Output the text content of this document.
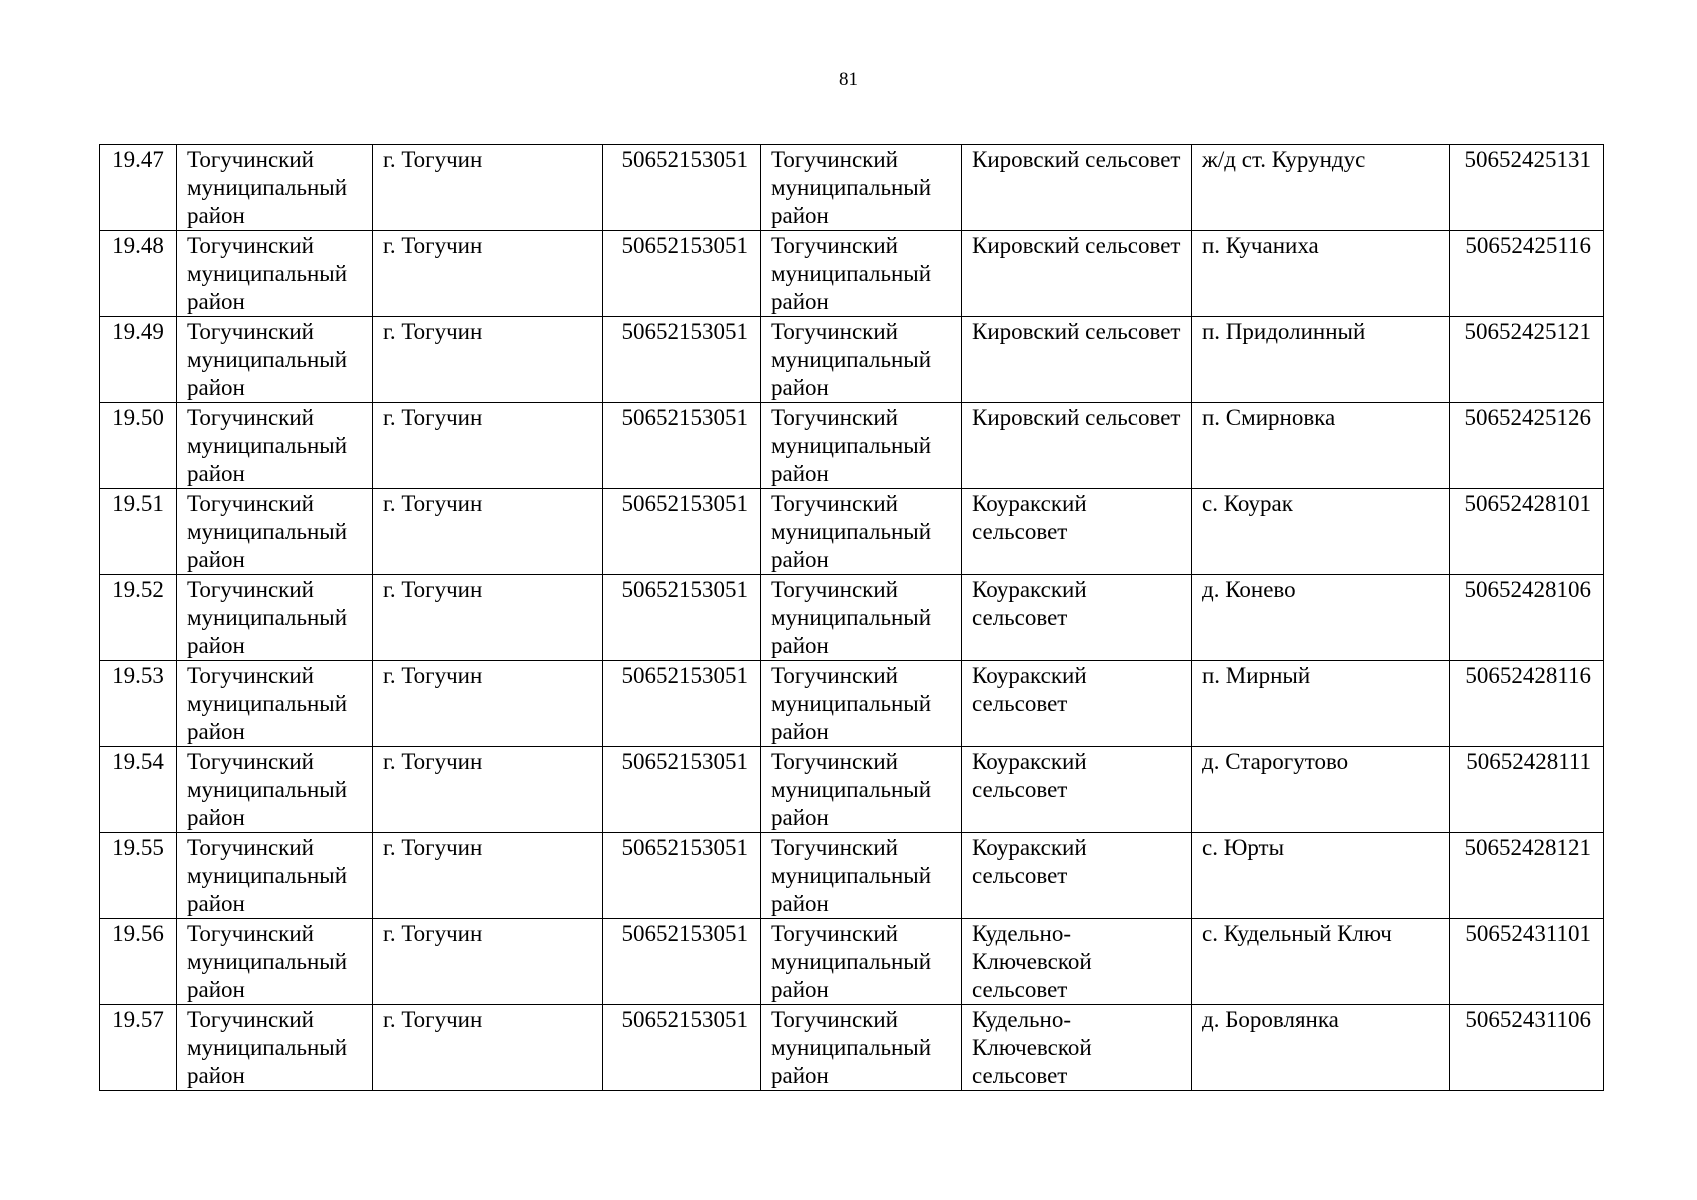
81
19.47	Тогучинский муниципальный район	г. Тогучин	50652153051	Тогучинский муниципальный район	Кировский сельсовет	ж/д ст. Курундус	50652425131
19.48	Тогучинский муниципальный район	г. Тогучин	50652153051	Тогучинский муниципальный район	Кировский сельсовет	п. Кучаниха	50652425116
19.49	Тогучинский муниципальный район	г. Тогучин	50652153051	Тогучинский муниципальный район	Кировский сельсовет	п. Придолинный	50652425121
19.50	Тогучинский муниципальный район	г. Тогучин	50652153051	Тогучинский муниципальный район	Кировский сельсовет	п. Смирновка	50652425126
19.51	Тогучинский муниципальный район	г. Тогучин	50652153051	Тогучинский муниципальный район	Коуракский сельсовет	с. Коурак	50652428101
19.52	Тогучинский муниципальный район	г. Тогучин	50652153051	Тогучинский муниципальный район	Коуракский сельсовет	д. Конево	50652428106
19.53	Тогучинский муниципальный район	г. Тогучин	50652153051	Тогучинский муниципальный район	Коуракский сельсовет	п. Мирный	50652428116
19.54	Тогучинский муниципальный район	г. Тогучин	50652153051	Тогучинский муниципальный район	Коуракский сельсовет	д. Старогутово	50652428111
19.55	Тогучинский муниципальный район	г. Тогучин	50652153051	Тогучинский муниципальный район	Коуракский сельсовет	с. Юрты	50652428121
19.56	Тогучинский муниципальный район	г. Тогучин	50652153051	Тогучинский муниципальный район	Кудельно-Ключевской сельсовет	с. Кудельный Ключ	50652431101
19.57	Тогучинский муниципальный район	г. Тогучин	50652153051	Тогучинский муниципальный район	Кудельно-Ключевской сельсовет	д. Боровлянка	50652431106
